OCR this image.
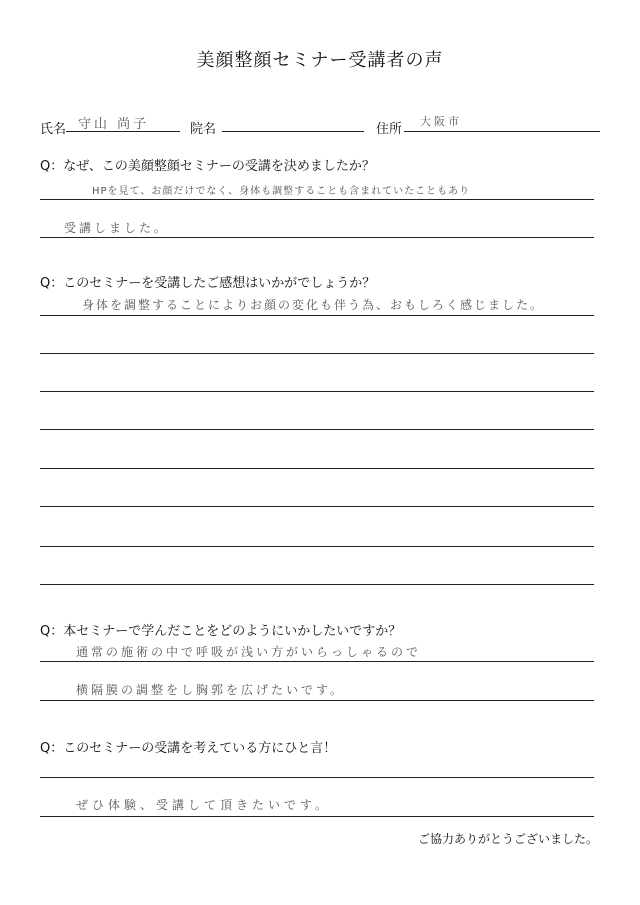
美顔整顔セミナー受講者の声
氏名 守山 尚子	院名	住所
大阪市
Q：なぜ、この美顔整顔セミナーの受講を決めましたか？
HPを見て、お顔だけでなく、身体も調整することも含まれていたこともあり
受講しました。
Q：このセミナーを受講したご感想はいかがでしょうか？
身体を調整することによりお顔の変化も伴う為、おもしろく感じました。
Q：本セミナーで学んだことをどのようにいかしたいですか？
通常の施術の中で呼吸が浅い方がいらっしゃるので
横隔膜の調整をし胸郭を広げたいです。
Q：このセミナーの受講を考えている方にひと言！
ぜひ体験、受講して頂きたいです。
ご協力ありがとうございました。
